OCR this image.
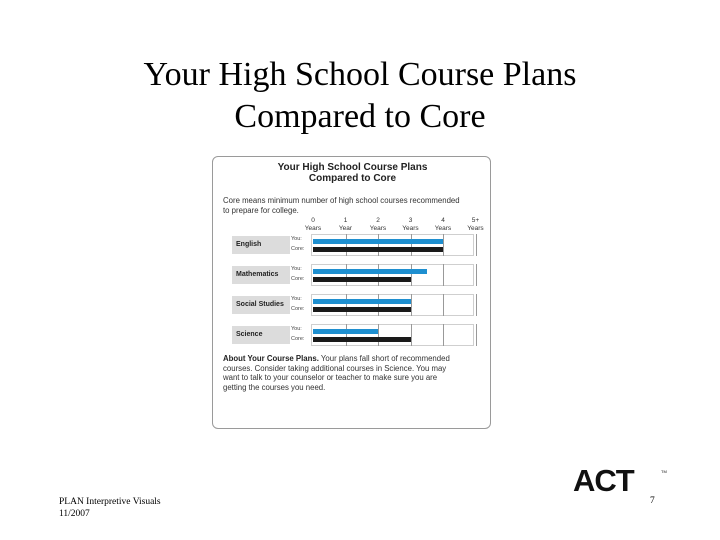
Your High School Course Plans
Compared to Core
Your High School Course Plans
Compared to Core
Core means minimum number of high school courses recommended
to prepare for college.
0
Years
1
Year
2
Years
3
Years
4
Years
5+
Years
English
You:
Core:
Mathematics
You:
Core:
Social Studies
You:
Core:
Science
You:
Core:
About Your Course Plans. Your plans fall short of recommended
courses. Consider taking additional courses in Science. You may
want to talk to your counselor or teacher to make sure you are
getting the courses you need.
ACT	TM
PLAN Interpretive Visuals
11/2007
7
